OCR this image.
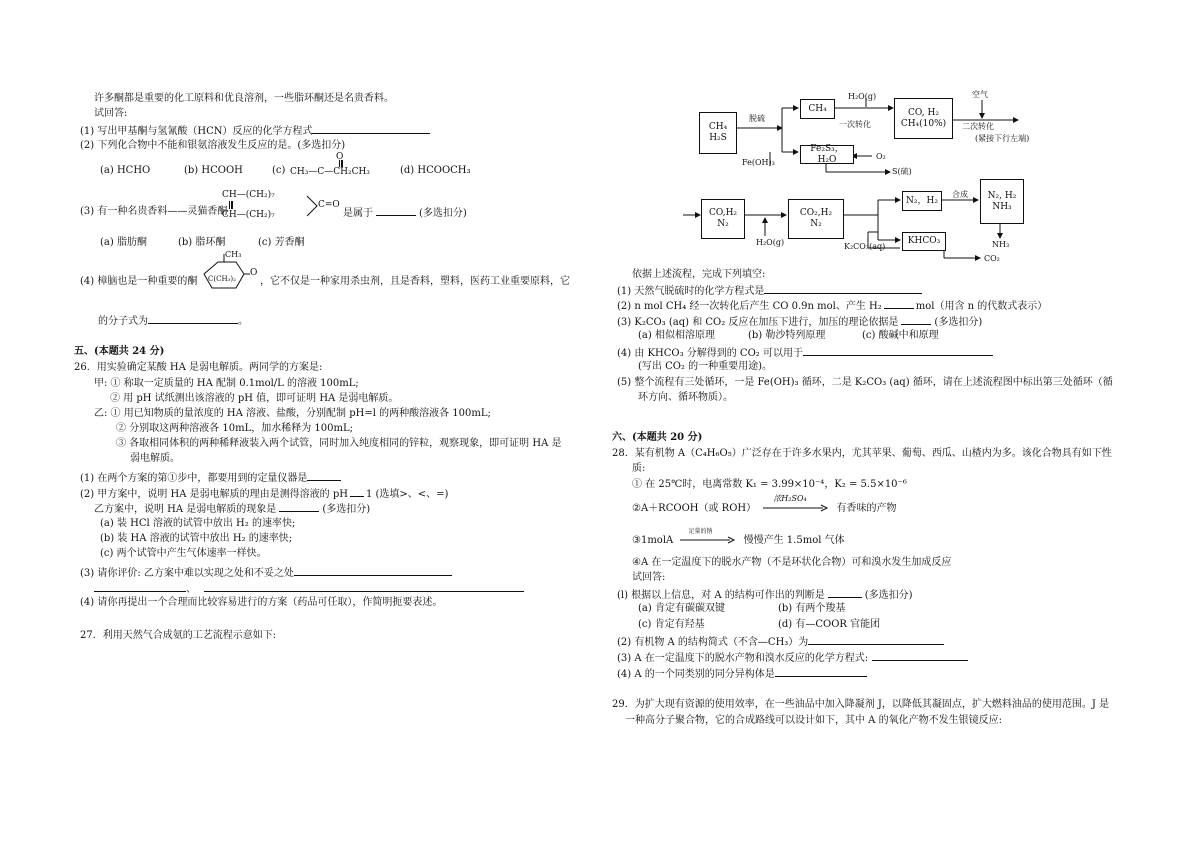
许多酮都是重要的化工原料和优良溶剂，一些脂环酮还是名贵香料。
试回答:
(1) 写出甲基酮与氢氰酸（HCN）反应的化学方程式
(2) 下列化合物中不能和银氨溶液发生反应的是。(多选扣分)
(a) HCHO	(b) HCOOH	(c)
O
CH₃—C—CH₂CH₃	(d) HCOOCH₃
(3) 有一种名贵香料——灵猫香酮
CH—(CH₂)₇
CH—(CH₂)₇
C=O
是属于	(多选扣分)
(a) 脂肪酮	(b) 脂环酮	(c) 芳香酮
(4) 樟脑也是一种重要的酮
CH₃
O
C(CH₃)₂ ，它不仅是一种家用杀虫剂，且是香料，塑料，医药工业重要原料，它
的分子式为	。
五、(本题共 24 分)
26．用实验确定某酸 HA 是弱电解质。两同学的方案是:
甲: ① 称取一定质量的 HA 配制 0.1mol/L 的溶液 100mL;
② 用 pH 试纸测出该溶液的 pH 值，即可证明 HA 是弱电解质。
乙: ① 用已知物质的量浓度的 HA 溶液、盐酸，分别配制 pH=l 的两种酸溶液各 100mL;
② 分别取这两种溶液各 10mL，加水稀释为 100mL;
③ 各取相同体积的两种稀释液装入两个试管，同时加入纯度相同的锌粒，观察现象，即可证明 HA 是
弱电解质。
(1) 在两个方案的第①步中，都要用到的定量仪器是
(2) 甲方案中，说明 HA 是弱电解质的理由是测得溶液的 pH 1 (选填>、<、=)
乙方案中，说明 HA 是弱电解质的现象是	(多选扣分)
(a) 装 HCl 溶液的试管中放出 H₂ 的速率快;
(b) 装 HA 溶液的试管中放出 H₂ 的速率快;
(c) 两个试管中产生气体速率一样快。
(3) 请你评价: 乙方案中难以实现之处和不妥之处
、
(4) 请你再提出一个合理而比较容易进行的方案（药品可任取），作简明扼要表述。
27．利用天然气合成氨的工艺流程示意如下:
CH₄
H₂S
脱硫
CH₄
H₂O(g)
一次转化
CO, H₂
CH₄(10%)
空气
二次转化
(紧接下行左端)
Fe(OH)₃
Fe₂S₃，H₂O	O₂
S(硫)
CO,H₂
N₂
CO₂,H₂
N₂
H₂O(g)
N₂，H₂
合成 N₂, H₂
NH₃
KHCO₃
K₂CO₃(aq)
CO₂
NH₃
依据上述流程，完成下列填空:
(1) 天然气脱硫时的化学方程式是
(2) n mol CH₄ 经一次转化后产生 CO 0.9n mol、产生 H₂	mol（用含 n 的代数式表示）
(3) K₂CO₃ (aq) 和 CO₂ 反应在加压下进行，加压的理论依据是	(多选扣分)
(a) 相似相溶原理	(b) 勒沙特列原理	(c) 酸碱中和原理
(4) 由 KHCO₃ 分解得到的 CO₂ 可以用于
(写出 CO₂ 的一种重要用途)。
(5) 整个流程有三处循环，一是 Fe(OH)₃ 循环，二是 K₂CO₃ (aq) 循环，请在上述流程图中标出第三处循环（循
环方向、循环物质）。
六、(本题共 20 分)
28．某有机物 A（C₄H₆O₅）广泛存在于许多水果内，尤其苹果、葡萄、西瓜、山楂内为多。该化合物具有如下性
质:
① 在 25℃时，电离常数 K₁ = 3.99×10⁻⁴，K₂ = 5.5×10⁻⁶
②A＋RCOOH（或 ROH）
浓H₂SO₄
有香味的产物
③1molA
足量的钠
慢慢产生 1.5mol 气体
④A 在一定温度下的脱水产物（不是环状化合物）可和溴水发生加成反应
试回答:
(l) 根据以上信息，对 A 的结构可作出的判断是	(多选扣分)
(a) 肯定有碳碳双键	(b) 有两个羧基
(c) 肯定有羟基	(d) 有—COOR 官能团
(2) 有机物 A 的结构简式（不含—CH₃）为
(3) A 在一定温度下的脱水产物和溴水反应的化学方程式:
(4) A 的一个同类别的同分异构体是
29．为扩大现有资源的使用效率，在一些油品中加入降凝剂 J，以降低其凝固点，扩大燃料油品的使用范围。J 是
一种高分子聚合物，它的合成路线可以设计如下，其中 A 的氧化产物不发生银镜反应:
